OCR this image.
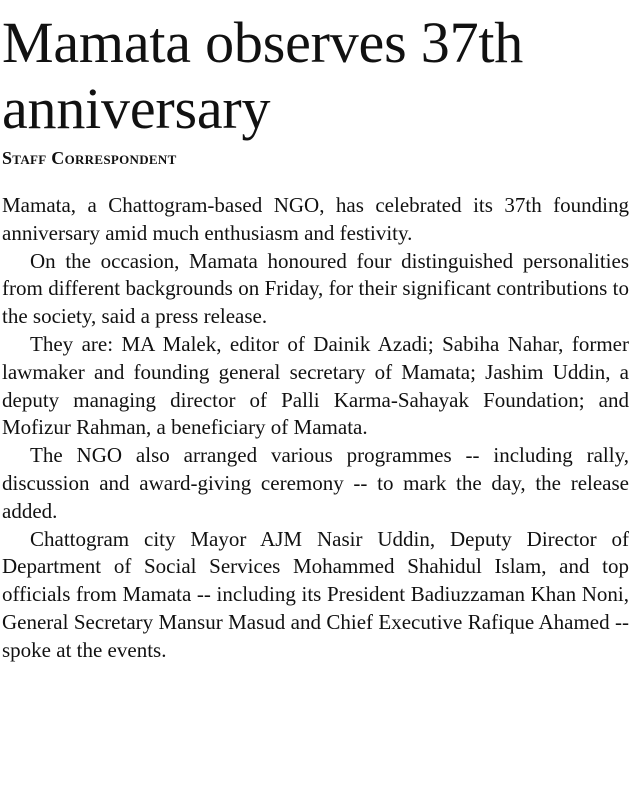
Mamata observes 37th anniversary
Staff Correspondent

Mamata, a Chattogram-based NGO, has celebrated its 37th founding anniversary amid much enthusiasm and festivity.

On the occasion, Mamata honoured four distinguished personalities from different backgrounds on Friday, for their significant contributions to the society, said a press release.

They are: MA Malek, editor of Dainik Azadi; Sabiha Nahar, former lawmaker and founding general secretary of Mamata; Jashim Uddin, a deputy managing director of Palli Karma-Sahayak Foundation; and Mofizur Rahman, a beneficiary of Mamata.

The NGO also arranged various programmes -- including rally, discussion and award-giving ceremony -- to mark the day, the release added.

Chattogram city Mayor AJM Nasir Uddin, Deputy Director of Department of Social Services Mohammed Shahidul Islam, and top officials from Mamata -- including its President Badiuzzaman Khan Noni, General Secretary Mansur Masud and Chief Executive Rafique Ahamed -- spoke at the events.
